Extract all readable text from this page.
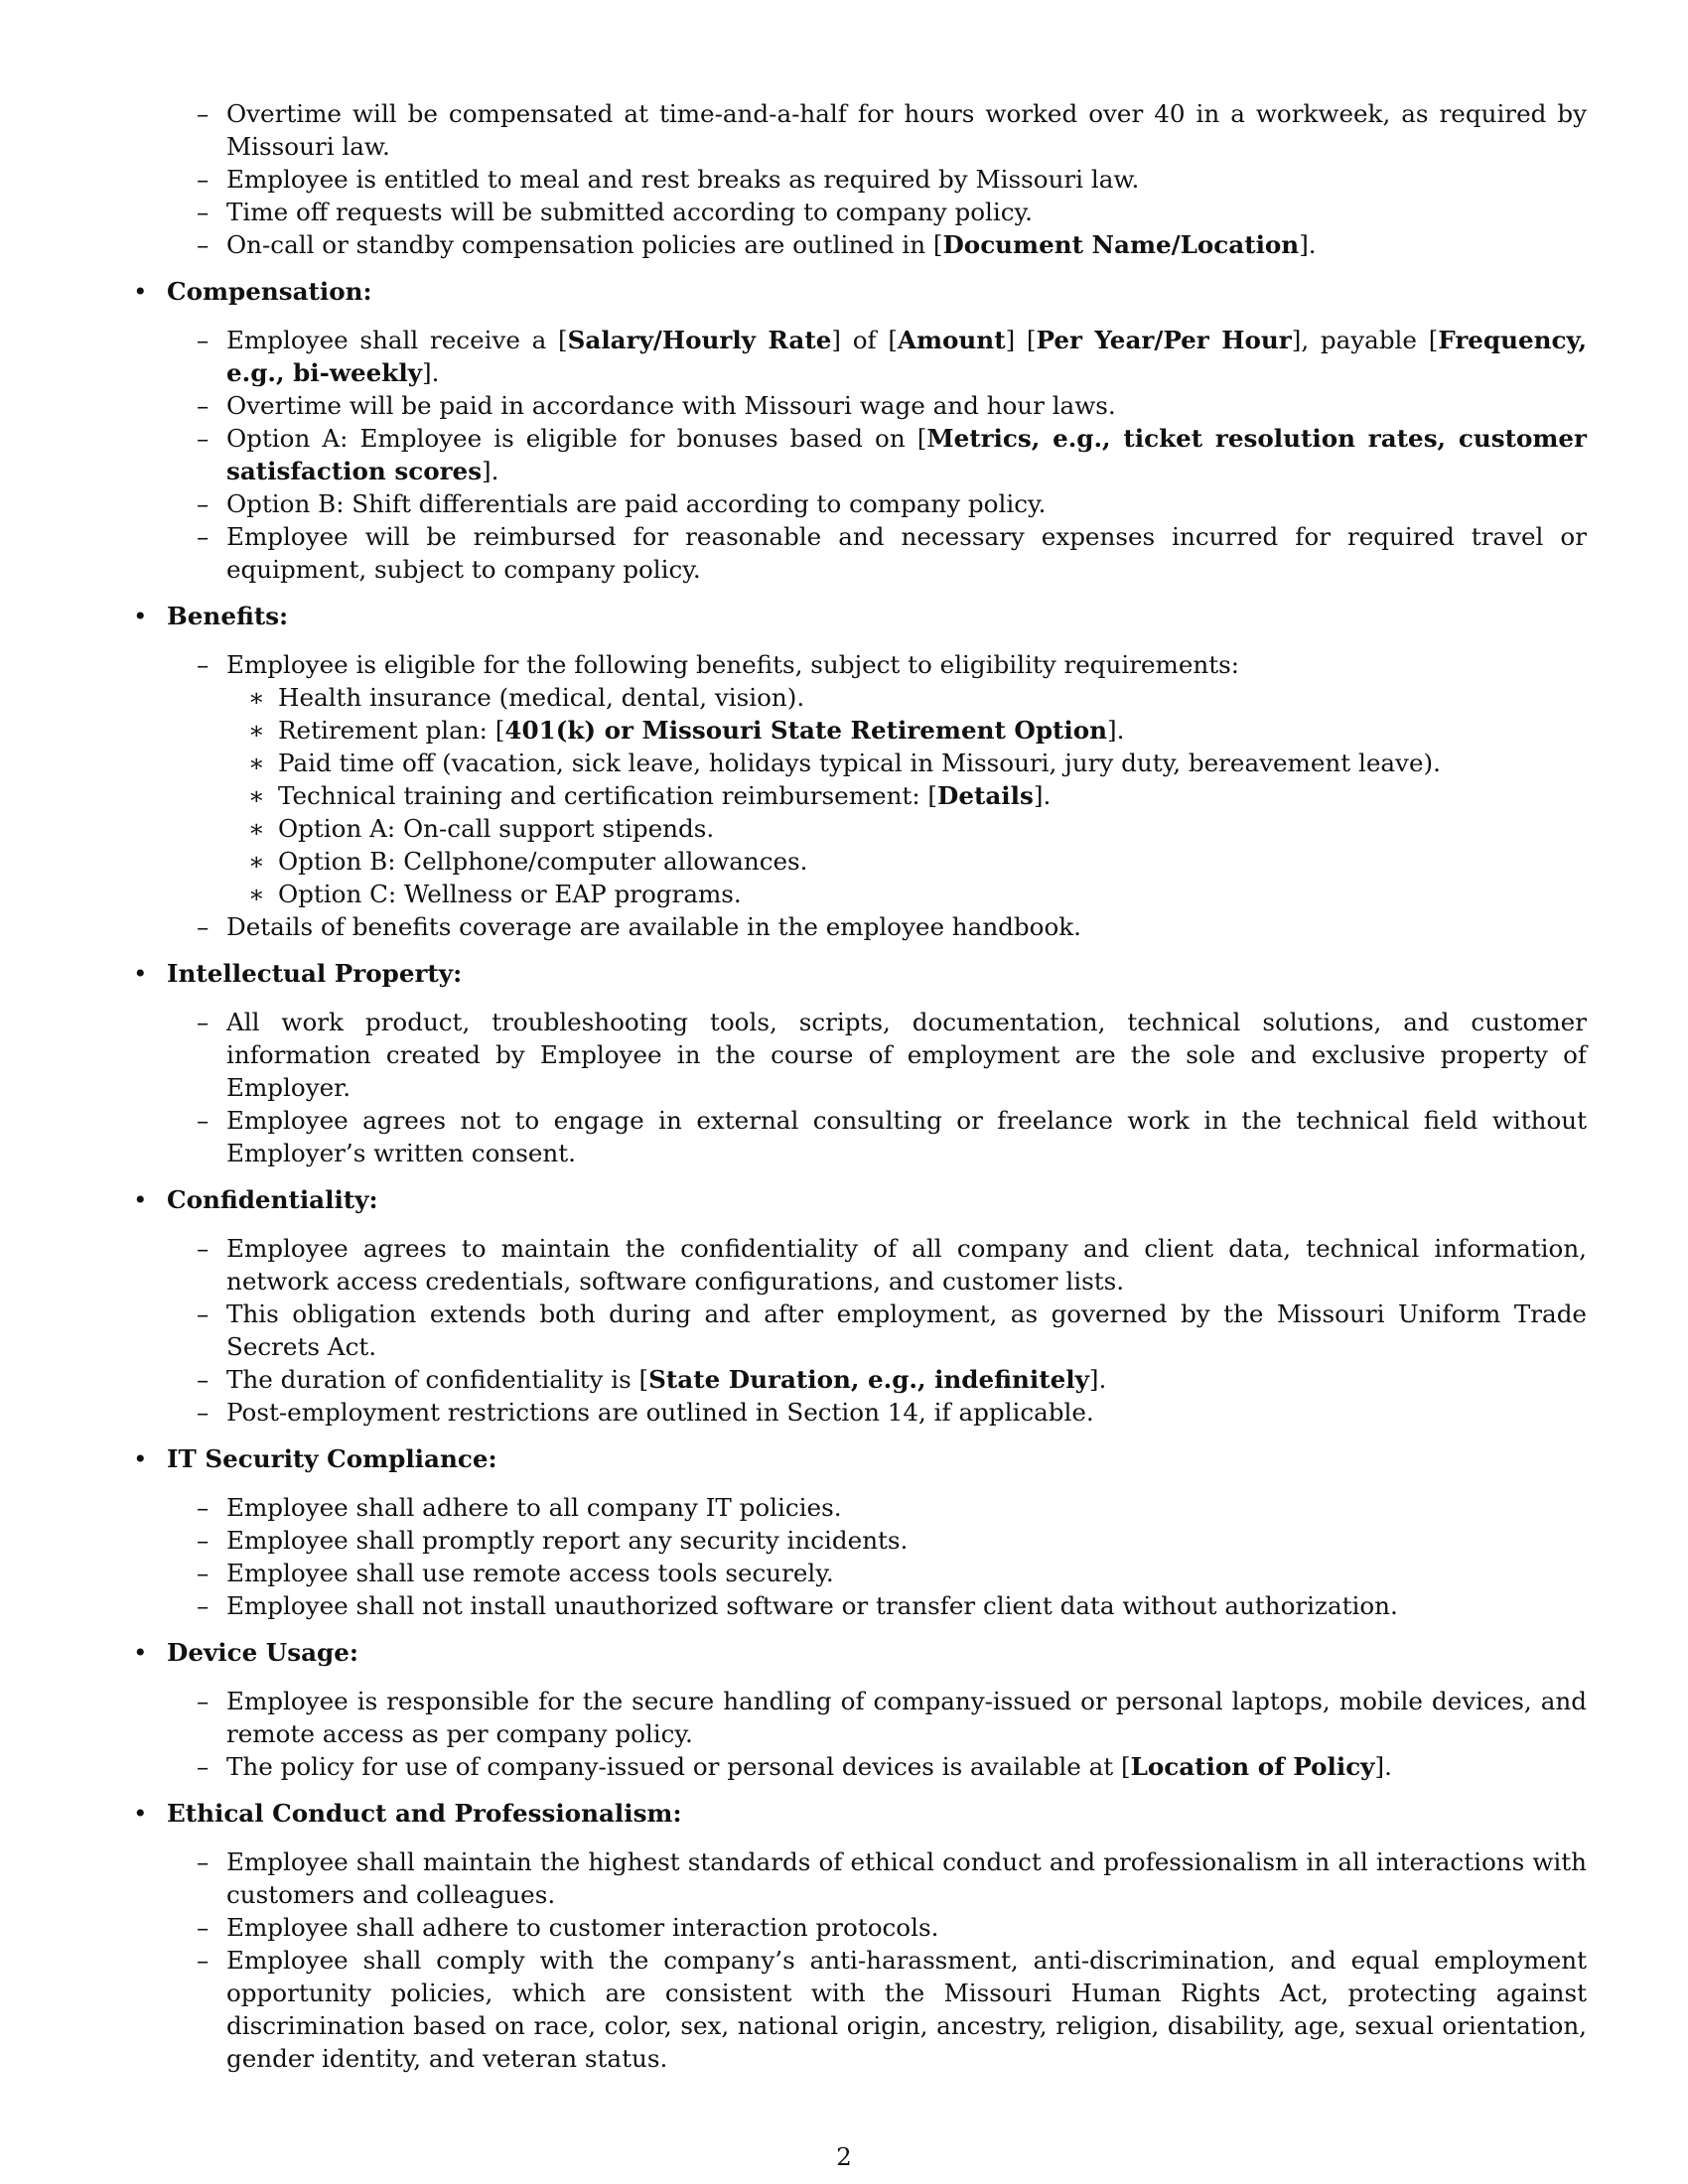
– Overtime will be compensated at time-and-a-half for hours worked over 40 in a workweek, as required by Missouri law.
– Employee is entitled to meal and rest breaks as required by Missouri law.
– Time off requests will be submitted according to company policy.
– On-call or standby compensation policies are outlined in [Document Name/Location].
• Compensation:
– Employee shall receive a [Salary/Hourly Rate] of [Amount] [Per Year/Per Hour], payable [Frequency, e.g., bi-weekly].
– Overtime will be paid in accordance with Missouri wage and hour laws.
– Option A: Employee is eligible for bonuses based on [Metrics, e.g., ticket resolution rates, customer satisfaction scores].
– Option B: Shift differentials are paid according to company policy.
– Employee will be reimbursed for reasonable and necessary expenses incurred for required travel or equipment, subject to company policy.
• Benefits:
– Employee is eligible for the following benefits, subject to eligibility requirements:
∗ Health insurance (medical, dental, vision).
∗ Retirement plan: [401(k) or Missouri State Retirement Option].
∗ Paid time off (vacation, sick leave, holidays typical in Missouri, jury duty, bereavement leave).
∗ Technical training and certification reimbursement: [Details].
∗ Option A: On-call support stipends.
∗ Option B: Cellphone/computer allowances.
∗ Option C: Wellness or EAP programs.
– Details of benefits coverage are available in the employee handbook.
• Intellectual Property:
– All work product, troubleshooting tools, scripts, documentation, technical solutions, and customer information created by Employee in the course of employment are the sole and exclusive property of Employer.
– Employee agrees not to engage in external consulting or freelance work in the technical field without Employer’s written consent.
• Confidentiality:
– Employee agrees to maintain the confidentiality of all company and client data, technical information, network access credentials, software configurations, and customer lists.
– This obligation extends both during and after employment, as governed by the Missouri Uniform Trade Secrets Act.
– The duration of confidentiality is [State Duration, e.g., indefinitely].
– Post-employment restrictions are outlined in Section 14, if applicable.
• IT Security Compliance:
– Employee shall adhere to all company IT policies.
– Employee shall promptly report any security incidents.
– Employee shall use remote access tools securely.
– Employee shall not install unauthorized software or transfer client data without authorization.
• Device Usage:
– Employee is responsible for the secure handling of company-issued or personal laptops, mobile devices, and remote access as per company policy.
– The policy for use of company-issued or personal devices is available at [Location of Policy].
• Ethical Conduct and Professionalism:
– Employee shall maintain the highest standards of ethical conduct and professionalism in all interactions with customers and colleagues.
– Employee shall adhere to customer interaction protocols.
– Employee shall comply with the company’s anti-harassment, anti-discrimination, and equal employment opportunity policies, which are consistent with the Missouri Human Rights Act, protecting against discrimination based on race, color, sex, national origin, ancestry, religion, disability, age, sexual orientation, gender identity, and veteran status.
2
